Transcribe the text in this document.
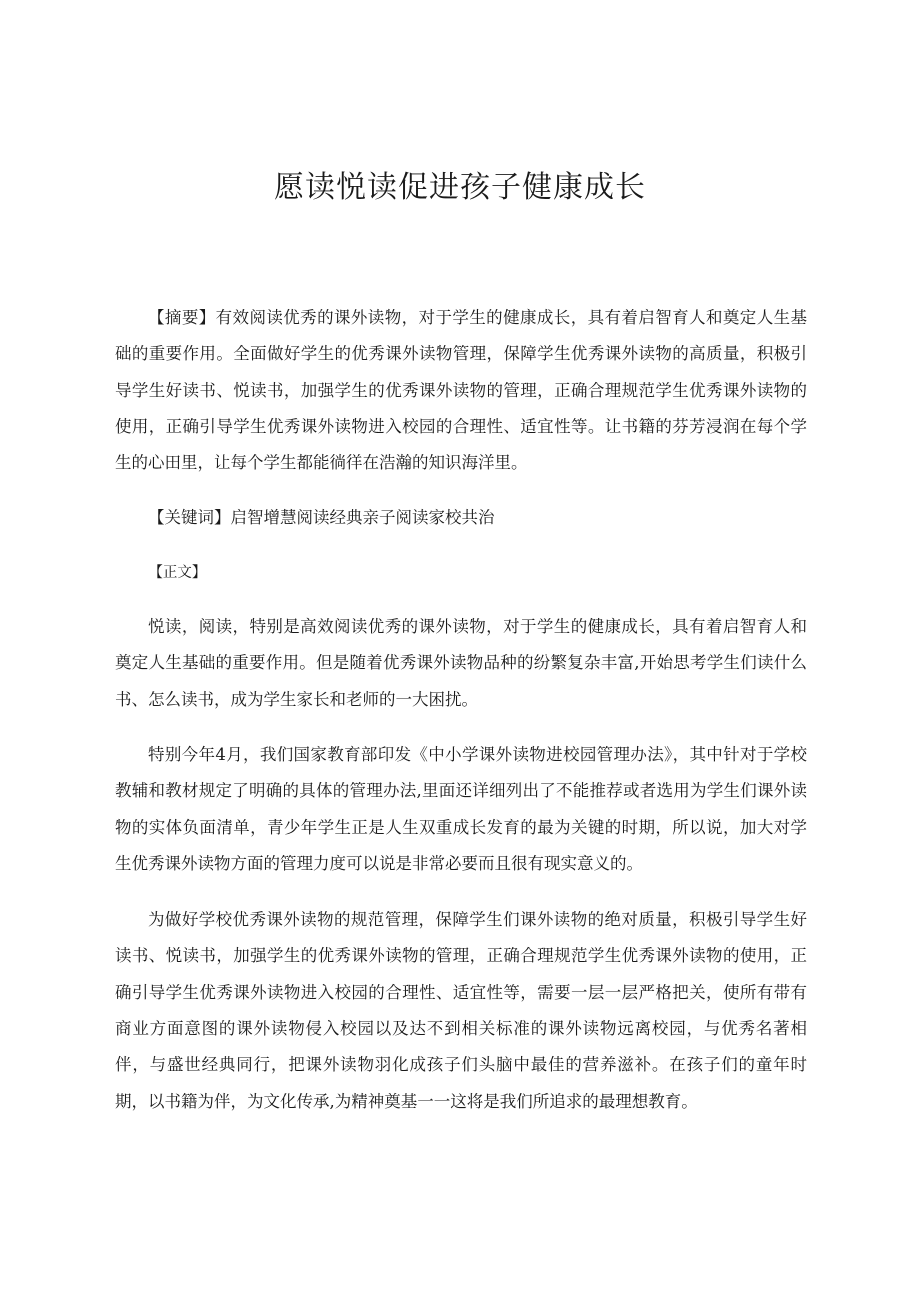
愿读悦读促进孩子健康成长

【摘要】有效阅读优秀的课外读物，对于学生的健康成长，具有着启智育人和奠定人生基础的重要作用。全面做好学生的优秀课外读物管理，保障学生优秀课外读物的高质量，积极引导学生好读书、悦读书，加强学生的优秀课外读物的管理，正确合理规范学生优秀课外读物的使用，正确引导学生优秀课外读物进入校园的合理性、适宜性等。让书籍的芬芳浸润在每个学生的心田里，让每个学生都能徜徉在浩瀚的知识海洋里。

【关键词】启智增慧阅读经典亲子阅读家校共治

【正文】

悦读，阅读，特别是高效阅读优秀的课外读物，对于学生的健康成长，具有着启智育人和奠定人生基础的重要作用。但是随着优秀课外读物品种的纷繁复杂丰富,开始思考学生们读什么书、怎么读书，成为学生家长和老师的一大困扰。

特别今年4月，我们国家教育部印发《中小学课外读物进校园管理办法》，其中针对于学校教辅和教材规定了明确的具体的管理办法,里面还详细列出了不能推荐或者选用为学生们课外读物的实体负面清单，青少年学生正是人生双重成长发育的最为关键的时期，所以说，加大对学生优秀课外读物方面的管理力度可以说是非常必要而且很有现实意义的。

为做好学校优秀课外读物的规范管理，保障学生们课外读物的绝对质量，积极引导学生好读书、悦读书，加强学生的优秀课外读物的管理，正确合理规范学生优秀课外读物的使用，正确引导学生优秀课外读物进入校园的合理性、适宜性等，需要一层一层严格把关，使所有带有商业方面意图的课外读物侵入校园以及达不到相关标准的课外读物远离校园，与优秀名著相伴，与盛世经典同行，把课外读物羽化成孩子们头脑中最佳的营养滋补。在孩子们的童年时期，以书籍为伴，为文化传承,为精神奠基一一这将是我们所追求的最理想教育。
